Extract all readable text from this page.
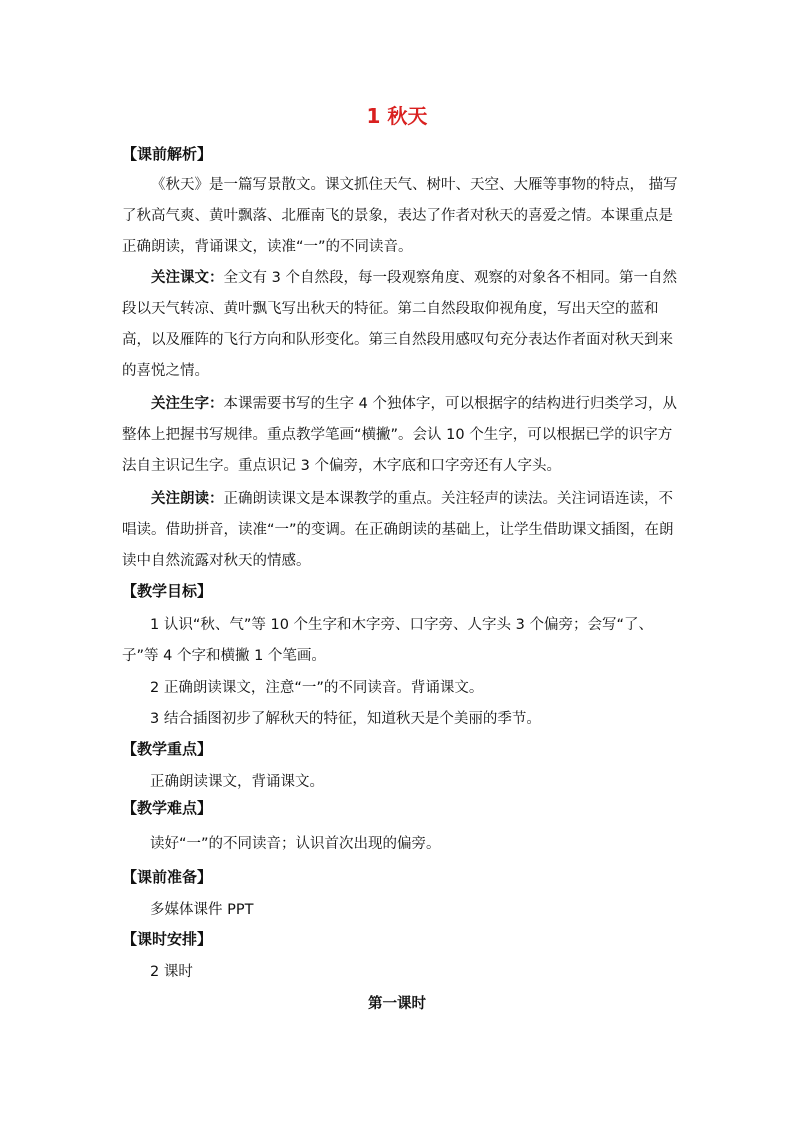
1 秋天
【课前解析】
《秋天》是一篇写景散文。课文抓住天气、树叶、天空、大雁等事物的特点， 描写了秋高气爽、黄叶飘落、北雁南飞的景象，表达了作者对秋天的喜爱之情。本课重点是正确朗读，背诵课文，读准“一”的不同读音。
关注课文：全文有 3 个自然段，每一段观察角度、观察的对象各不相同。第一自然段以天气转凉、黄叶飘飞写出秋天的特征。第二自然段取仰视角度，写出天空的蓝和高，以及雁阵的飞行方向和队形变化。第三自然段用感叹句充分表达作者面对秋天到来的喜悦之情。
关注生字：本课需要书写的生字 4 个独体字，可以根据字的结构进行归类学习，从整体上把握书写规律。重点教学笔画“横撇”。会认 10 个生字，可以根据已学的识字方法自主识记生字。重点识记 3 个偏旁，木字底和口字旁还有人字头。
关注朗读：正确朗读课文是本课教学的重点。关注轻声的读法。关注词语连读，不唱读。借助拼音，读准“一”的变调。在正确朗读的基础上，让学生借助课文插图，在朗读中自然流露对秋天的情感。
【教学目标】
1 认识“秋、气”等 10 个生字和木字旁、口字旁、人字头 3 个偏旁；会写“了、子”等 4 个字和横撇 1 个笔画。
2 正确朗读课文，注意“一”的不同读音。背诵课文。
3 结合插图初步了解秋天的特征，知道秋天是个美丽的季节。
【教学重点】
正确朗读课文，背诵课文。
【教学难点】
读好“一”的不同读音；认识首次出现的偏旁。
【课前准备】
多媒体课件 PPT
【课时安排】
2 课时
第一课时
